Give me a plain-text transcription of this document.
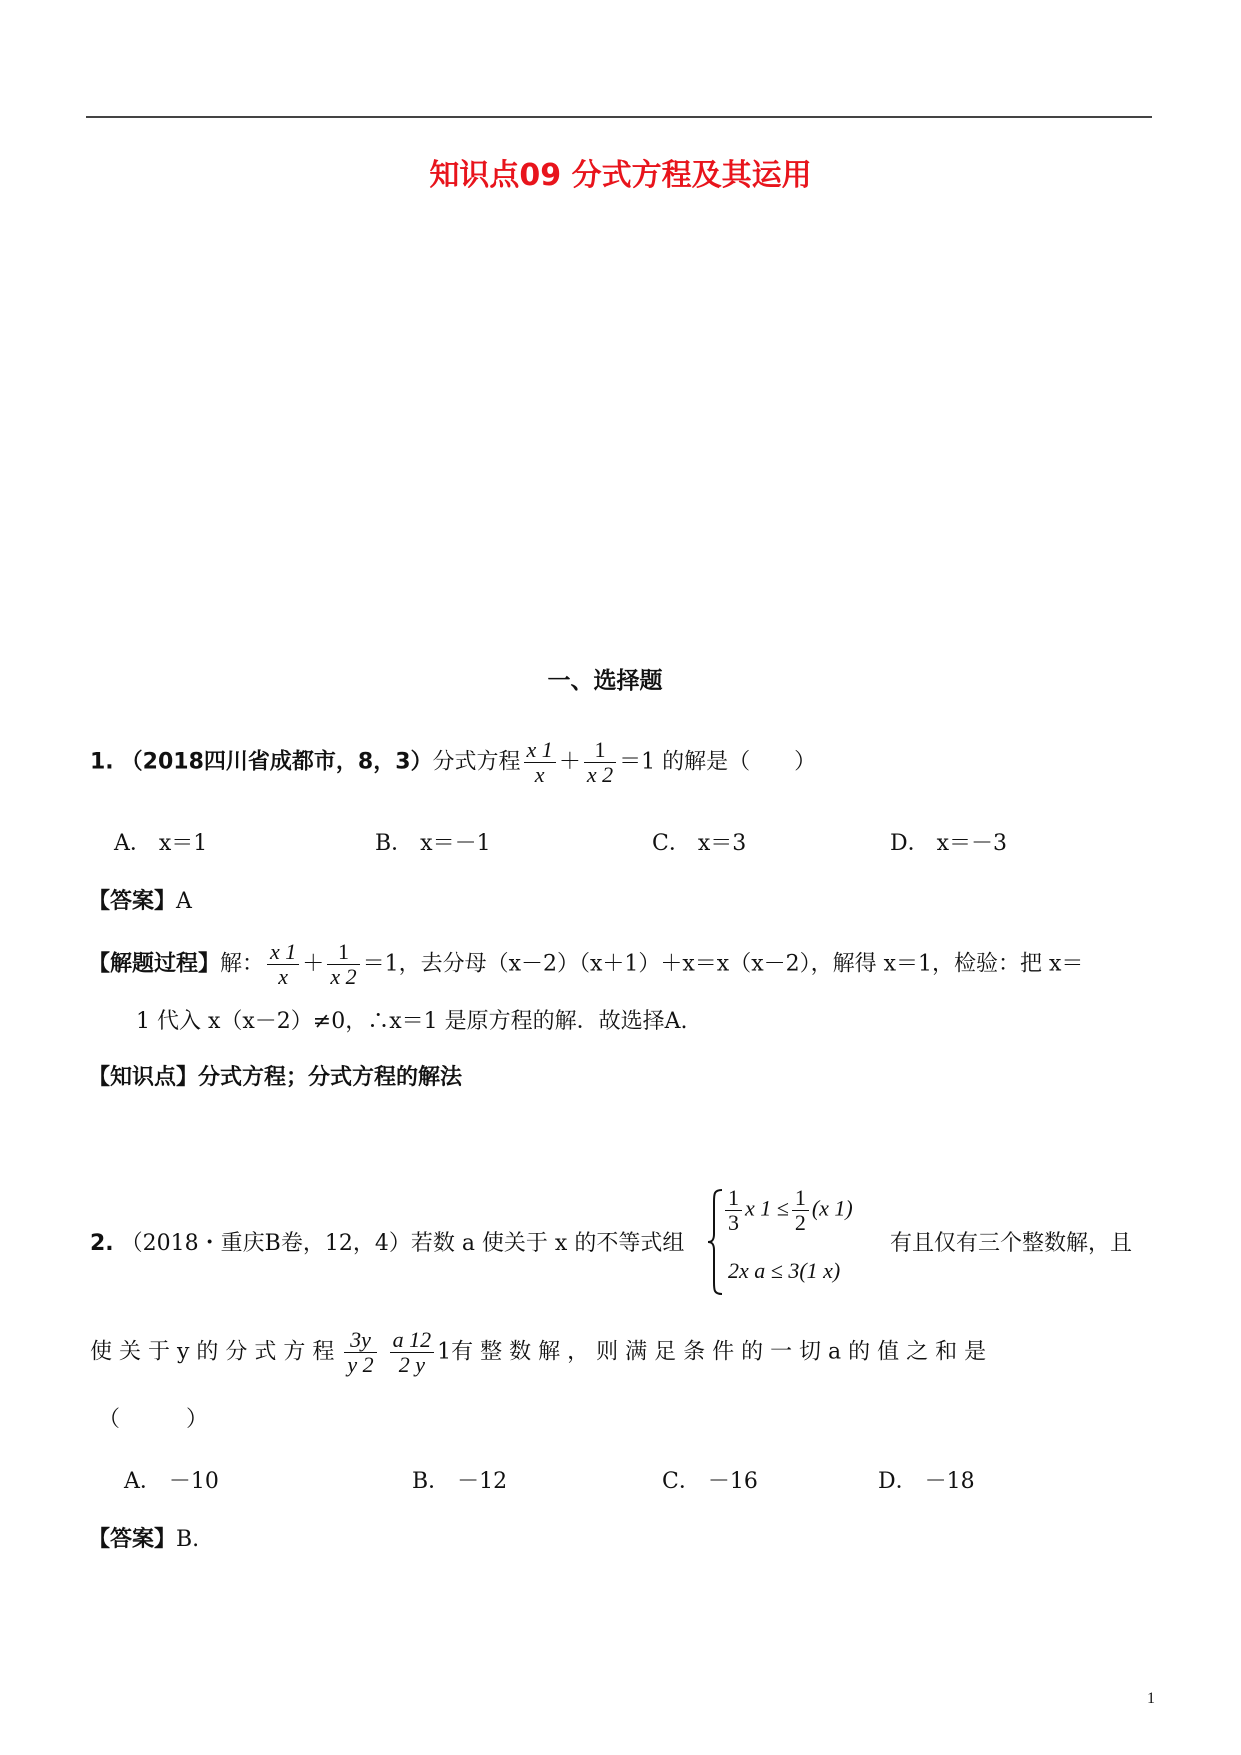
知识点09 分式方程及其运用
一、选择题
1. （2018四川省成都市，8，3）分式方程 $\frac{x 1}{x} + \frac{1}{x 2} =1$ 的解是（　　）
A． x＝1	B． x＝－1	C． x＝3	D． x＝－3
【答案】A
【解题过程】解： $\frac{x 1}{x} + \frac{1}{x 2} =1$，去分母（x－2）（x＋1）＋x＝x（x－2），解得 x＝1，检验：把 x＝
1 代入 x（x－2）≠0，∴x＝1 是原方程的解．故选择A.
【知识点】分式方程；分式方程的解法
2. （2018・重庆B卷，12，4）若数 a 使关于 x 的不等式组
$\frac{1}{3}$ x $1 \le \frac{1}{2} (x$ 1)
2x a ≤ 3(1 x)
有且仅有三个整数解，且
使 关 于 y 的 分 式 方 程 $\frac{3y}{y 2}$
$\frac{a 12}{2 y} 1$有 整 数 解 ， 则 满 足 条 件 的 一 切 a 的 值 之 和 是
（　　　）
A． －10	B． －12	C． －16	D． －18
【答案】B.
1
